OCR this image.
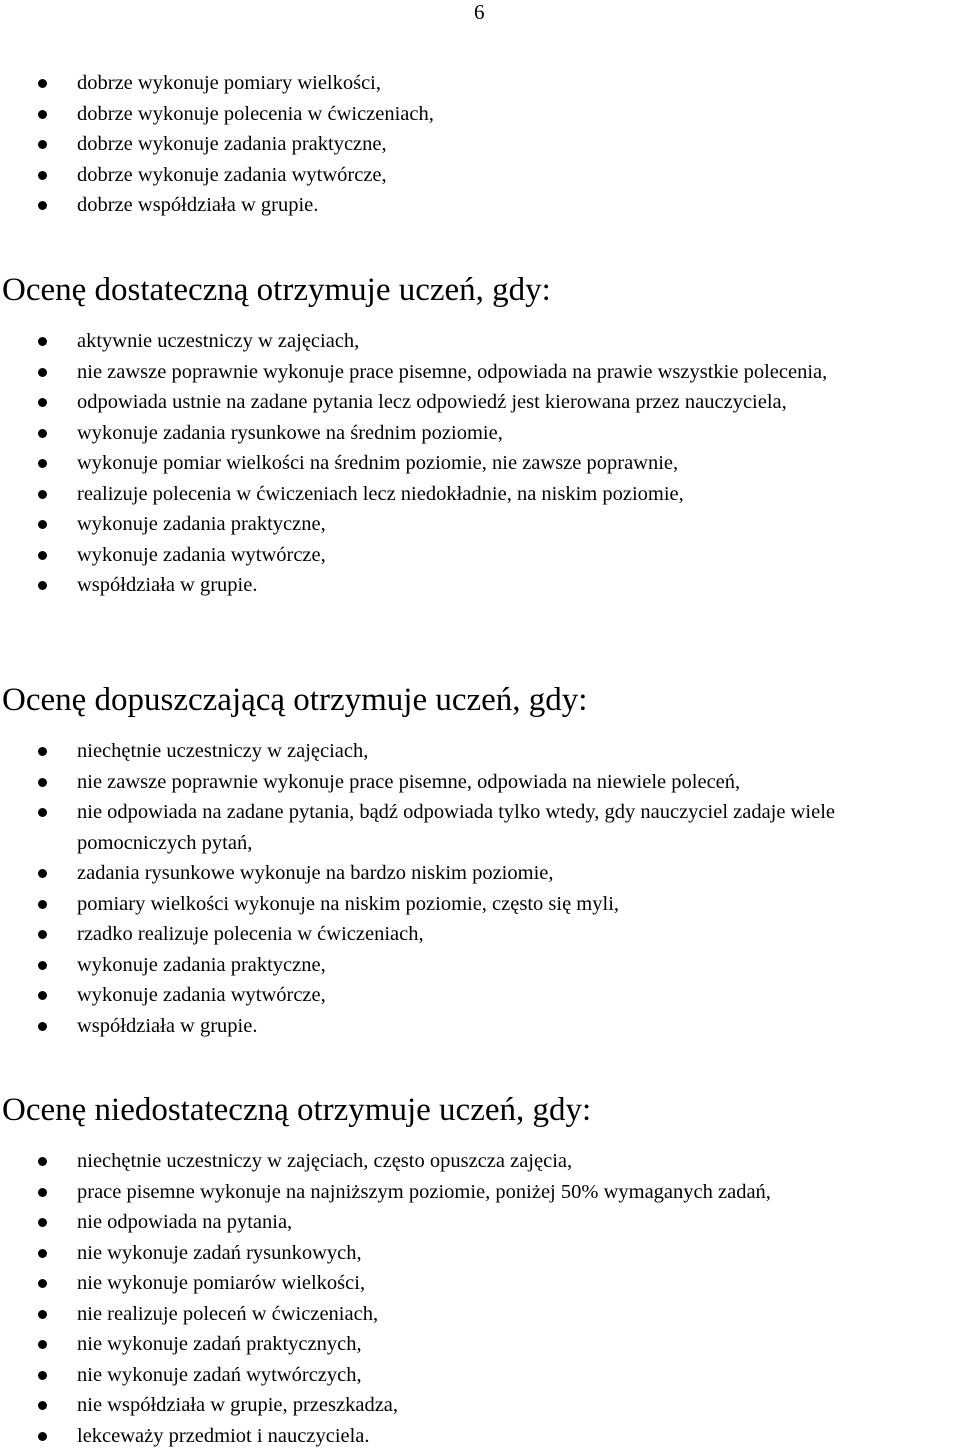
6
dobrze wykonuje pomiary wielkości,
dobrze wykonuje polecenia w ćwiczeniach,
dobrze wykonuje zadania praktyczne,
dobrze wykonuje zadania wytwórcze,
dobrze współdziała w grupie.
Ocenę dostateczną otrzymuje uczeń, gdy:
aktywnie uczestniczy w zajęciach,
nie zawsze poprawnie wykonuje prace pisemne, odpowiada na prawie wszystkie polecenia,
odpowiada ustnie na zadane pytania lecz odpowiedź jest kierowana przez nauczyciela,
wykonuje zadania rysunkowe na średnim poziomie,
wykonuje pomiar wielkości na średnim poziomie, nie zawsze poprawnie,
realizuje polecenia w ćwiczeniach lecz niedokładnie, na niskim poziomie,
wykonuje zadania praktyczne,
wykonuje zadania wytwórcze,
współdziała w grupie.
Ocenę dopuszczającą otrzymuje uczeń, gdy:
niechętnie uczestniczy w zajęciach,
nie zawsze poprawnie wykonuje prace pisemne, odpowiada na niewiele poleceń,
nie odpowiada na zadane pytania, bądź odpowiada tylko wtedy, gdy nauczyciel zadaje wiele pomocniczych pytań,
zadania rysunkowe wykonuje na bardzo niskim poziomie,
pomiary wielkości wykonuje na niskim poziomie, często się myli,
rzadko realizuje polecenia w ćwiczeniach,
wykonuje zadania praktyczne,
wykonuje zadania wytwórcze,
współdziała w grupie.
Ocenę niedostateczną otrzymuje uczeń, gdy:
niechętnie uczestniczy w zajęciach, często opuszcza zajęcia,
prace pisemne wykonuje na najniższym poziomie, poniżej 50% wymaganych zadań,
nie odpowiada na pytania,
nie wykonuje zadań rysunkowych,
nie wykonuje pomiarów wielkości,
nie realizuje poleceń w ćwiczeniach,
nie wykonuje zadań praktycznych,
nie wykonuje zadań wytwórczych,
nie współdziała w grupie, przeszkadza,
lekceważy przedmiot i nauczyciela.
